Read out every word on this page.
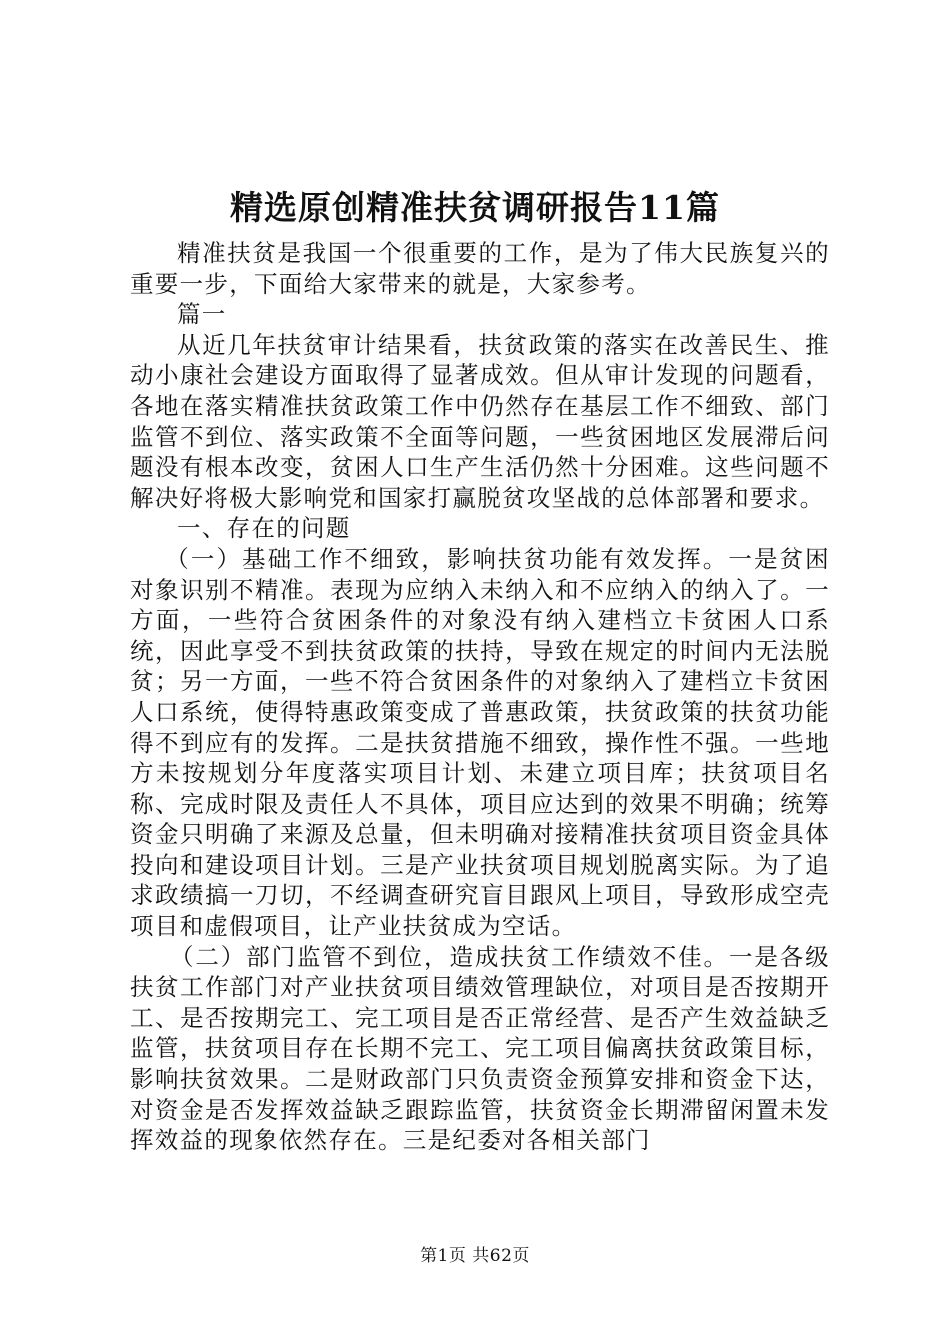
精选原创精准扶贫调研报告11篇

精准扶贫是我国一个很重要的工作，是为了伟大民族复兴的重要一步，下面给大家带来的就是，大家参考。

篇一

从近几年扶贫审计结果看，扶贫政策的落实在改善民生、推动小康社会建设方面取得了显著成效。但从审计发现的问题看，各地在落实精准扶贫政策工作中仍然存在基层工作不细致、部门监管不到位、落实政策不全面等问题，一些贫困地区发展滞后问题没有根本改变，贫困人口生产生活仍然十分困难。这些问题不解决好将极大影响党和国家打赢脱贫攻坚战的总体部署和要求。

一、存在的问题

（一）基础工作不细致，影响扶贫功能有效发挥。一是贫困对象识别不精准。表现为应纳入未纳入和不应纳入的纳入了。一方面，一些符合贫困条件的对象没有纳入建档立卡贫困人口系统，因此享受不到扶贫政策的扶持，导致在规定的时间内无法脱贫；另一方面，一些不符合贫困条件的对象纳入了建档立卡贫困人口系统，使得特惠政策变成了普惠政策，扶贫政策的扶贫功能得不到应有的发挥。二是扶贫措施不细致，操作性不强。一些地方未按规划分年度落实项目计划、未建立项目库；扶贫项目名称、完成时限及责任人不具体，项目应达到的效果不明确；统筹资金只明确了来源及总量，但未明确对接精准扶贫项目资金具体投向和建设项目计划。三是产业扶贫项目规划脱离实际。为了追求政绩搞一刀切，不经调查研究盲目跟风上项目，导致形成空壳项目和虚假项目，让产业扶贫成为空话。

（二）部门监管不到位，造成扶贫工作绩效不佳。一是各级扶贫工作部门对产业扶贫项目绩效管理缺位，对项目是否按期开工、是否按期完工、完工项目是否正常经营、是否产生效益缺乏监管，扶贫项目存在长期不完工、完工项目偏离扶贫政策目标，影响扶贫效果。二是财政部门只负责资金预算安排和资金下达，对资金是否发挥效益缺乏跟踪监管，扶贫资金长期滞留闲置未发挥效益的现象依然存在。三是纪委对各相关部门

第1页 共62页
